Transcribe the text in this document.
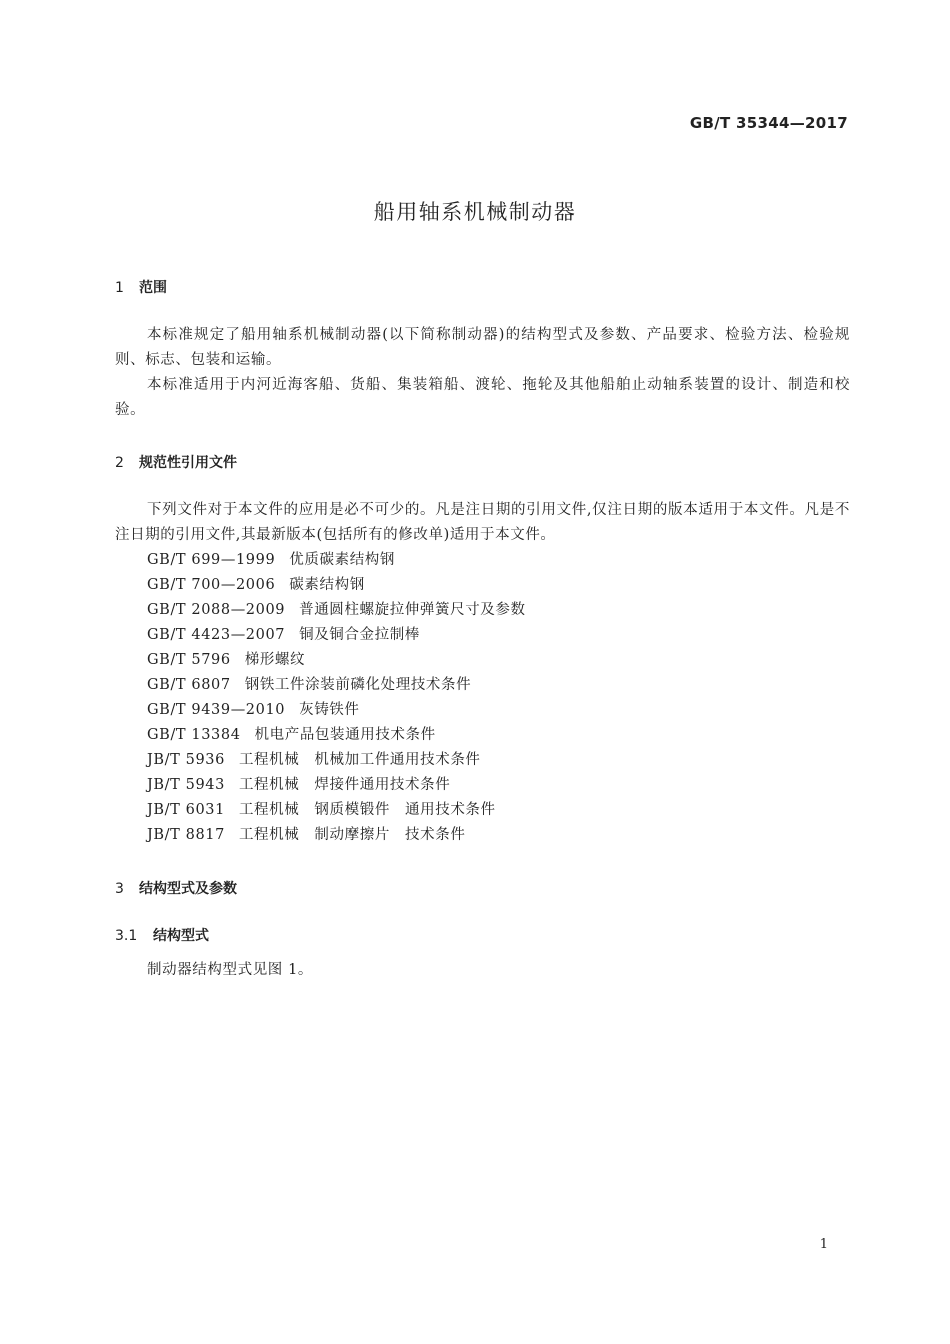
GB/T 35344—2017
船用轴系机械制动器
1 范围
本标准规定了船用轴系机械制动器(以下简称制动器)的结构型式及参数、产品要求、检验方法、检验规则、标志、包装和运输。
本标准适用于内河近海客船、货船、集装箱船、渡轮、拖轮及其他船舶止动轴系装置的设计、制造和校验。
2 规范性引用文件
下列文件对于本文件的应用是必不可少的。凡是注日期的引用文件,仅注日期的版本适用于本文件。凡是不注日期的引用文件,其最新版本(包括所有的修改单)适用于本文件。
GB/T 699—1999 优质碳素结构钢
GB/T 700—2006 碳素结构钢
GB/T 2088—2009 普通圆柱螺旋拉伸弹簧尺寸及参数
GB/T 4423—2007 铜及铜合金拉制棒
GB/T 5796 梯形螺纹
GB/T 6807 钢铁工件涂装前磷化处理技术条件
GB/T 9439—2010 灰铸铁件
GB/T 13384 机电产品包装通用技术条件
JB/T 5936 工程机械　机械加工件通用技术条件
JB/T 5943 工程机械　焊接件通用技术条件
JB/T 6031 工程机械　钢质模锻件　通用技术条件
JB/T 8817 工程机械　制动摩擦片　技术条件
3 结构型式及参数
3.1 结构型式
制动器结构型式见图 1。
1
